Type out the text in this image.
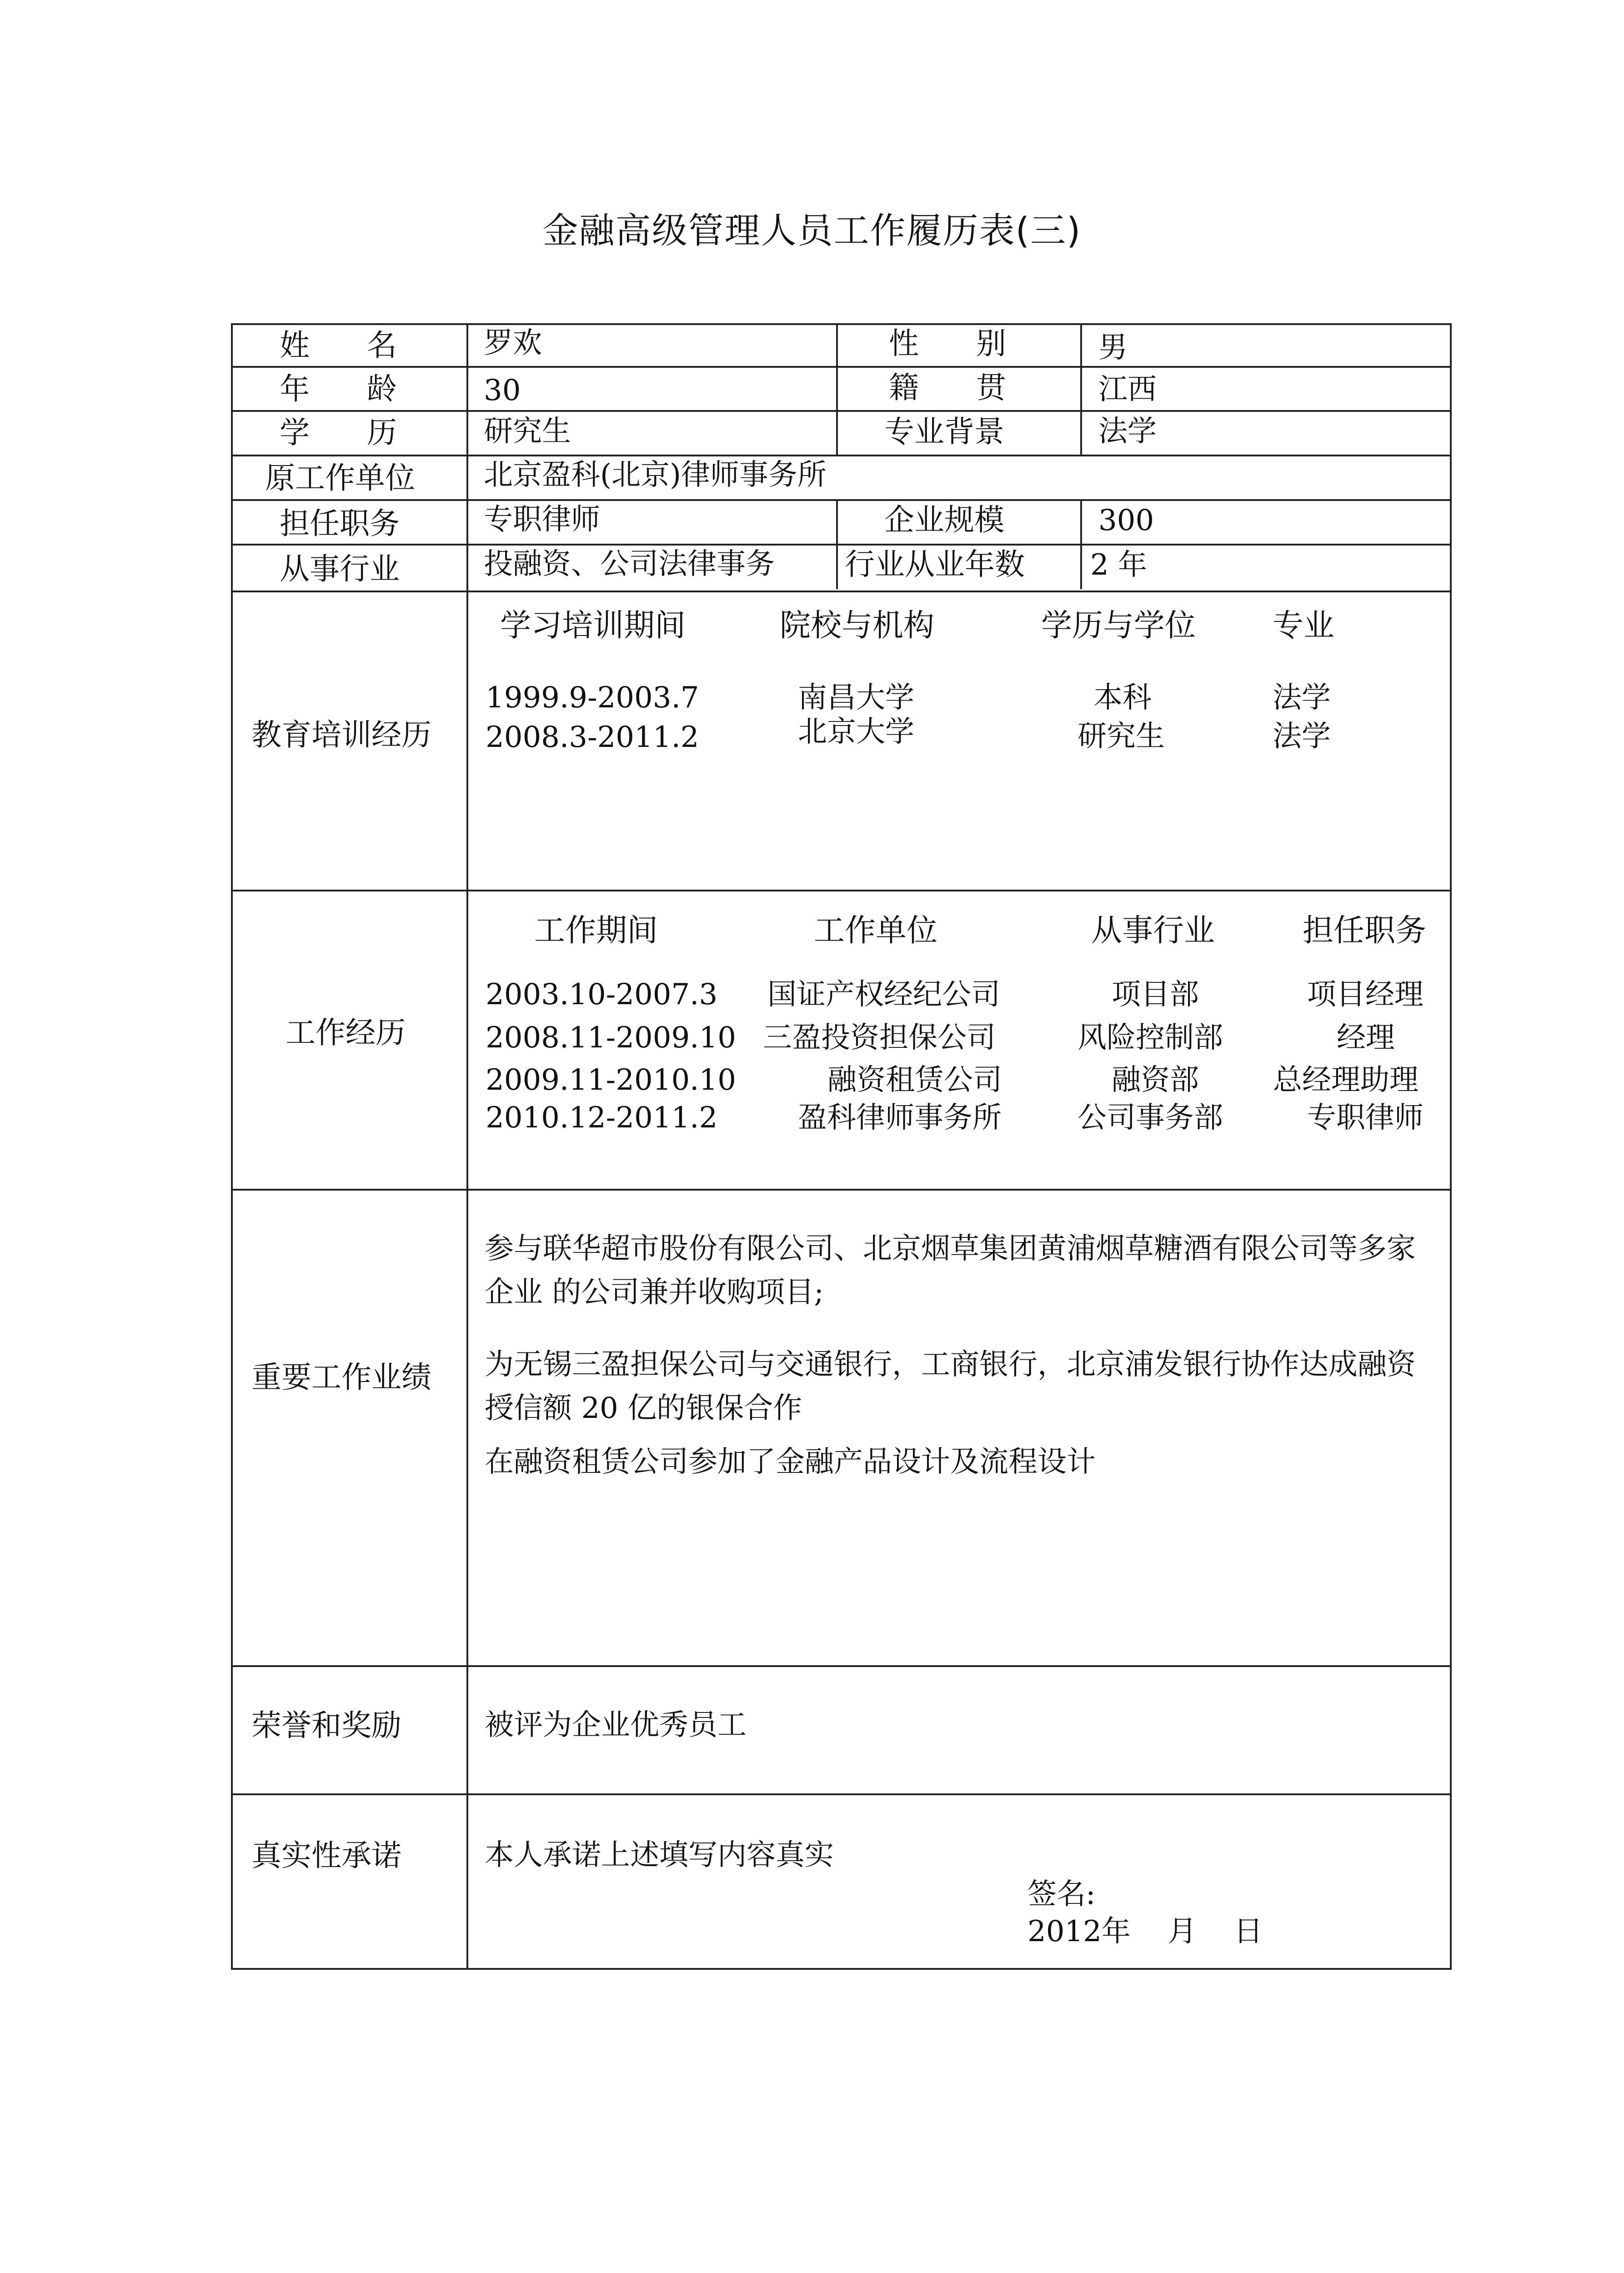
金融高级管理人员工作履历表(三)
姓      名	罗欢	性      别	男
年      龄	30	籍      贯	江西
学      历	研究生	专业背景	法学
原工作单位 北京盈科(北京)律师事务所
担任职务	专职律师	企业规模	300
从事行业	投融资、公司法律事务 行业从业年数 2 年
教育培训经历
学习培训期间	院校与机构	学历与学位 专业
1999.9-2003.7	南昌大学	本科	法学
2008.3-2011.2	北京大学	研究生	法学
工作经历
工作期间	工作单位	从事行业	担任职务
2003.10-2007.3 国证产权经纪公司	项目部	项目经理
2008.11-2009.10 三盈投资担保公司	风险控制部	经理
2009.11-2010.10	融资租赁公司	融资部	总经理助理
2010.12-2011.2	盈科律师事务所	公司事务部	专职律师
重要工作业绩
参与联华超市股份有限公司、北京烟草集团黄浦烟草糖酒有限公司等多家企业 的公司兼并收购项目;
为无锡三盈担保公司与交通银行，工商银行，北京浦发银行协作达成融资授信额 20 亿的银保合作
在融资租赁公司参加了金融产品设计及流程设计
荣誉和奖励	被评为企业优秀员工
真实性承诺	本人承诺上述填写内容真实
签名:
2012年    月    日
